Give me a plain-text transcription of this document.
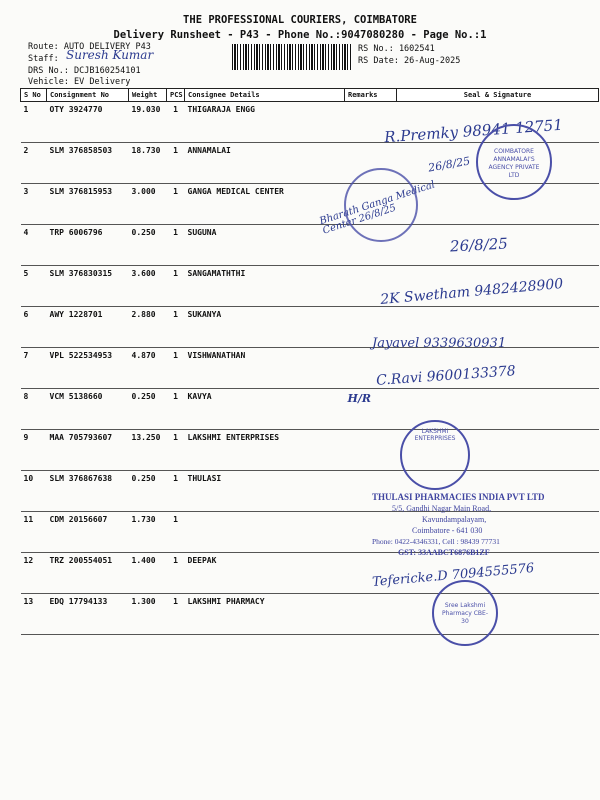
THE PROFESSIONAL COURIERS, COIMBATORE
Delivery Runsheet - P43 - Phone No.:9047080280 - Page No.:1
Route: AUTO DELIVERY P43
Staff: Suresh Kumar
DRS No.: DCJB160254101
Vehicle: EV Delivery
RS No.: 1602541
RS Date: 26-Aug-2025
S No	Consignment No	Weight	PCS	Consignee Details	Remarks	Seal & Signature
1	OTY 3924770	19.030	1	THIGARAJA ENGG		
2	SLM 376858503	18.730	1	ANNAMALAI		
3	SLM 376815953	3.000	1	GANGA MEDICAL CENTER		
4	TRP 6006796	0.250	1	SUGUNA		
5	SLM 376830315	3.600	1	SANGAMATHTHI		
6	AWY 1228701	2.880	1	SUKANYA		
7	VPL 522534953	4.870	1	VISHWANATHAN		
8	VCM 5138660	0.250	1	KAVYA	H/R	
9	MAA 705793607	13.250	1	LAKSHMI ENTERPRISES		
10	SLM 376867638	0.250	1	THULASI		
11	CDM 20156607	1.730	1			
12	TRZ 200554051	1.400	1	DEEPAK		
13	EDQ 17794133	1.300	1	LAKSHMI PHARMACY		
R.Premky 98941 12751
26/8/25
Bharath Ganga Medical Center 26/8/25
26/8/25
2K Swetham 9482428900
Jayavel 9339630931
C.Ravi 9600133378
Tefericke.D 7094555576
COIMBATORE ANNAMALAI'S AGENCY PRIVATE LTD
LAKSHMI ENTERPRISES
THULASI PHARMACIES INDIA PVT LTD
5/5, Gandhi Nagar Main Road,
Kavundampalayam,
Coimbatore - 641 030
Phone: 0422-4346331, Cell : 98439 77731
GST: 33AABCT6876B1ZF
Sree Lakshmi Pharmacy CBE-30
